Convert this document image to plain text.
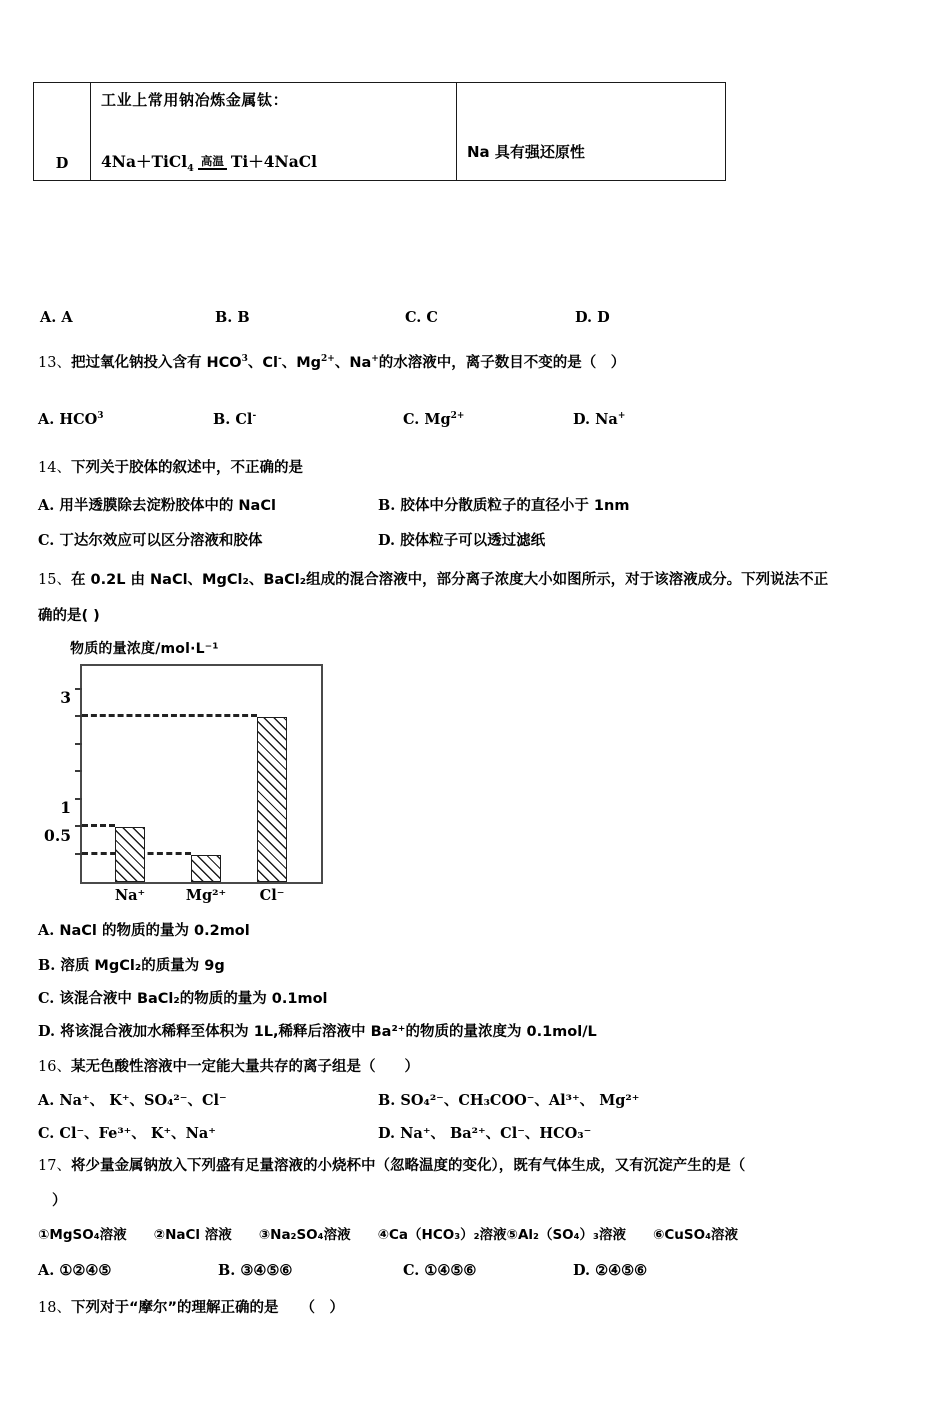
D	
工业上常用钠冶炼金属钛：
4Na＋TiCl$_4$高温 Ti＋4NaCl	Na 具有强还原性
A. A	B. B	C. C	D. D
13、把过氧化钠投入含有 HCO$^3$、Cl-、$Mg^{2+}$、Na+的水溶液中，离子数目不变的是（　）
A. HCO$^3$	B. Cl-	C. $Mg^{2+}$	D. Na+
14、下列关于胶体的叙述中，不正确的是
A. 用半透膜除去淀粉胶体中的 NaCl	B. 胶体中分散质粒子的直径小于 1nm
C. 丁达尔效应可以区分溶液和胶体	D. 胶体粒子可以透过滤纸
15、在 0.2L 由 NaCl、MgCl₂、BaCl₂组成的混合溶液中，部分离子浓度大小如图所示，对于该溶液成分。下列说法不正
确的是( )
物质的量浓度/mol·L⁻¹
3
1
0.5
Na⁺	Mg²⁺ Cl⁻
A. NaCl 的物质的量为 0.2mol
B. 溶质 MgCl₂的质量为 9g
C. 该混合液中 BaCl₂的物质的量为 0.1mol
D. 将该混合液加水稀释至体积为 1L,稀释后溶液中 Ba²⁺的物质的量浓度为 0.1mol/L
16、某无色酸性溶液中一定能大量共存的离子组是（　　）
A. Na⁺、 K⁺、SO₄²⁻、Cl⁻	B. SO₄²⁻、CH₃COO⁻、Al³⁺、 Mg²⁺
C. Cl⁻、Fe³⁺、 K⁺、Na⁺	D. Na⁺、 Ba²⁺、Cl⁻、HCO₃⁻
17、将少量金属钠放入下列盛有足量溶液的小烧杯中（忽略温度的变化），既有气体生成，又有沉淀产生的是（
）
①MgSO₄溶液　　②NaCl 溶液　　③Na₂SO₄溶液　　④Ca（HCO₃）₂溶液⑤Al₂（SO₄）₃溶液　　⑥CuSO₄溶液
A. ①②④⑤	B. ③④⑤⑥	C. ①④⑤⑥	D. ②④⑤⑥
18、下列对于“摩尔”的理解正确的是 （　）
